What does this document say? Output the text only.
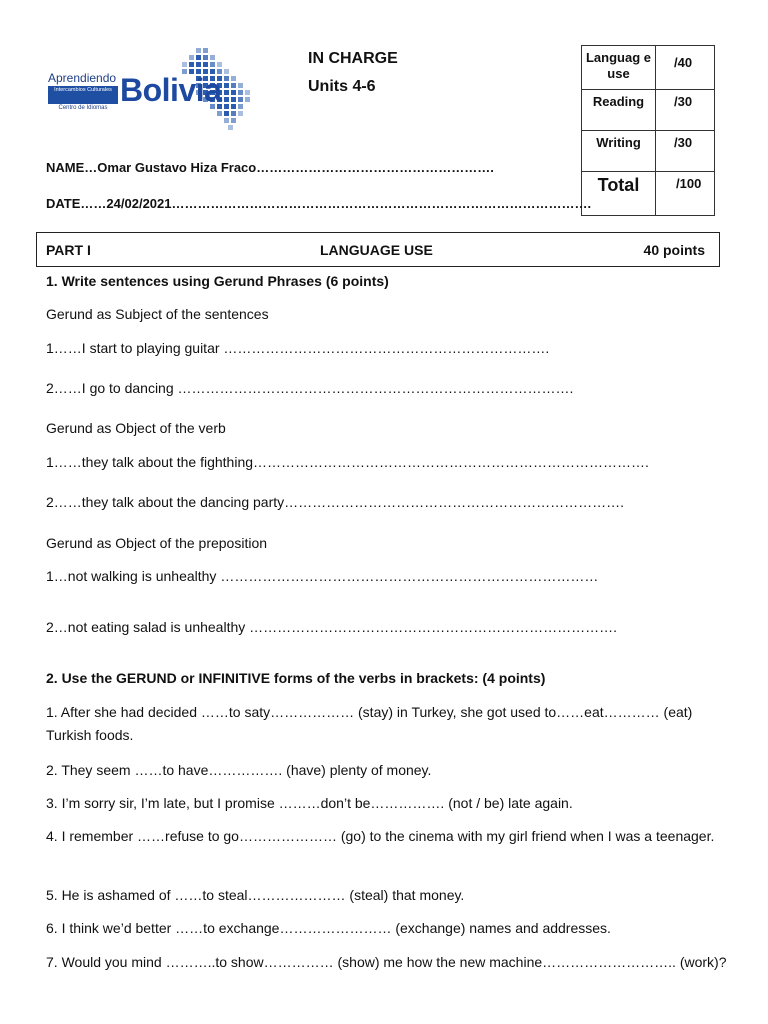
Aprendiendo
Intercambios Culturales
Centro de Idiomas Bolivia
IN CHARGE
Units 4-6
Languag e use	/40
Reading	/30
Writing	/30
Total	/100
NAME…Omar Gustavo Hiza Fraco……………………………………………….
DATE……24/02/2021…………………………………………………………………………………….
PART I	LANGUAGE USE	40 points
1. Write sentences using Gerund Phrases (6 points)
Gerund as Subject of the sentences
1……I start to playing guitar …………………………………………………………….
2……I go to dancing ………………………………………………………………………….
Gerund as Object of the verb
1……they talk about the fighthing………………………………………………………………………….
2……they talk about the dancing party……………………………………………………………….
Gerund as Object of the preposition
1…not walking is unhealthy ………………………………………………………………………
2…not eating salad is unhealthy …………………………………………………………………….
2. Use the GERUND or INFINITIVE forms of the verbs in brackets: (4 points)
1. After she had decided ……to saty……………… (stay) in Turkey, she got used to……eat………… (eat) Turkish foods.
2. They seem ……to have……………. (have) plenty of money.
3. I’m sorry sir, I’m late, but I promise ………don’t be……………. (not / be) late again.
4. I remember ……refuse to go………………… (go) to the cinema with my girl friend when I was a teenager.
5. He is ashamed of ……to steal………………… (steal) that money.
6. I think we’d better ……to exchange…………………… (exchange) names and addresses.
7. Would you mind ………..to show…………… (show) me how the new machine……………………….. (work)?
